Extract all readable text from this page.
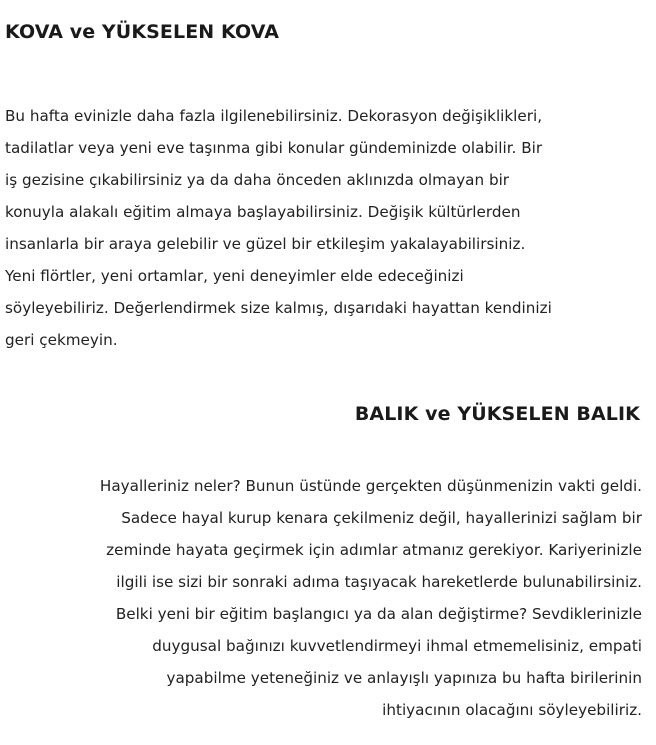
KOVA ve YÜKSELEN KOVA

Bu hafta evinizle daha fazla ilgilenebilirsiniz. Dekorasyon değişiklikleri,

tadilatlar veya yeni eve taşınma gibi konular gündeminizde olabilir. Bir

iş gezisine çıkabilirsiniz ya da daha önceden aklınızda olmayan bir

konuyla alakalı eğitim almaya başlayabilirsiniz. Değişik kültürlerden

insanlarla bir araya gelebilir ve güzel bir etkileşim yakalayabilirsiniz.

Yeni flörtler, yeni ortamlar, yeni deneyimler elde edeceğinizi

söyleyebiliriz. Değerlendirmek size kalmış, dışarıdaki hayattan kendinizi

geri çekmeyin.

BALIK ve YÜKSELEN BALIK

Hayalleriniz neler? Bunun üstünde gerçekten düşünmenizin vakti geldi.

Sadece hayal kurup kenara çekilmeniz değil, hayallerinizi sağlam bir

zeminde hayata geçirmek için adımlar atmanız gerekiyor. Kariyerinizle

ilgili ise sizi bir sonraki adıma taşıyacak hareketlerde bulunabilirsiniz.

Belki yeni bir eğitim başlangıcı ya da alan değiştirme? Sevdiklerinizle

duygusal bağınızı kuvvetlendirmeyi ihmal etmemelisiniz, empati

yapabilme yeteneğiniz ve anlayışlı yapınıza bu hafta birilerinin

ihtiyacının olacağını söyleyebiliriz.
